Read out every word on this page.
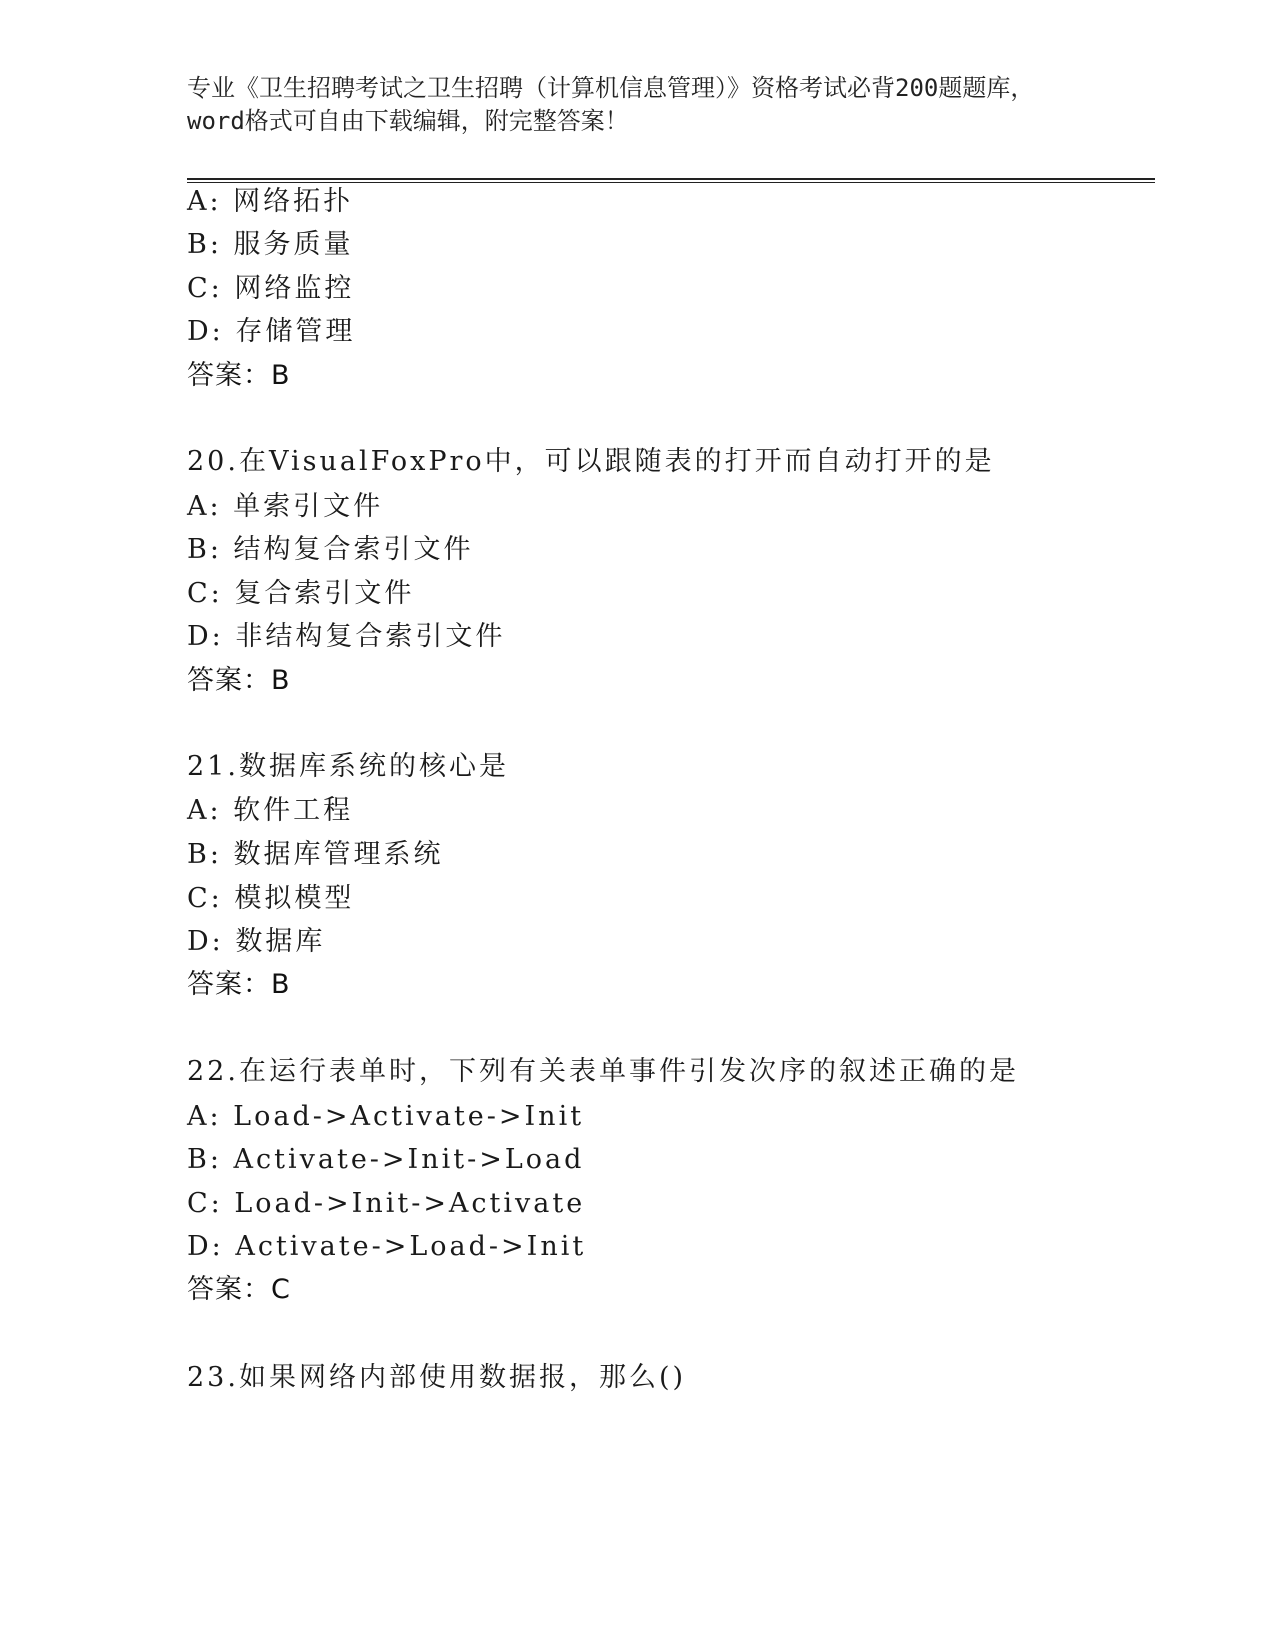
专业《卫生招聘考试之卫生招聘（计算机信息管理）》资格考试必背200题题库，
word格式可自由下载编辑，附完整答案！
A: 网络拓扑
B: 服务质量
C: 网络监控
D: 存储管理
答案：B
20.在VisualFoxPro中，可以跟随表的打开而自动打开的是
A: 单索引文件
B: 结构复合索引文件
C: 复合索引文件
D: 非结构复合索引文件
答案：B
21.数据库系统的核心是
A: 软件工程
B: 数据库管理系统
C: 模拟模型
D: 数据库
答案：B
22.在运行表单时，下列有关表单事件引发次序的叙述正确的是
A: Load->Activate->Init
B: Activate->Init->Load
C: Load->Init->Activate
D: Activate->Load->Init
答案：C
23.如果网络内部使用数据报，那么()
